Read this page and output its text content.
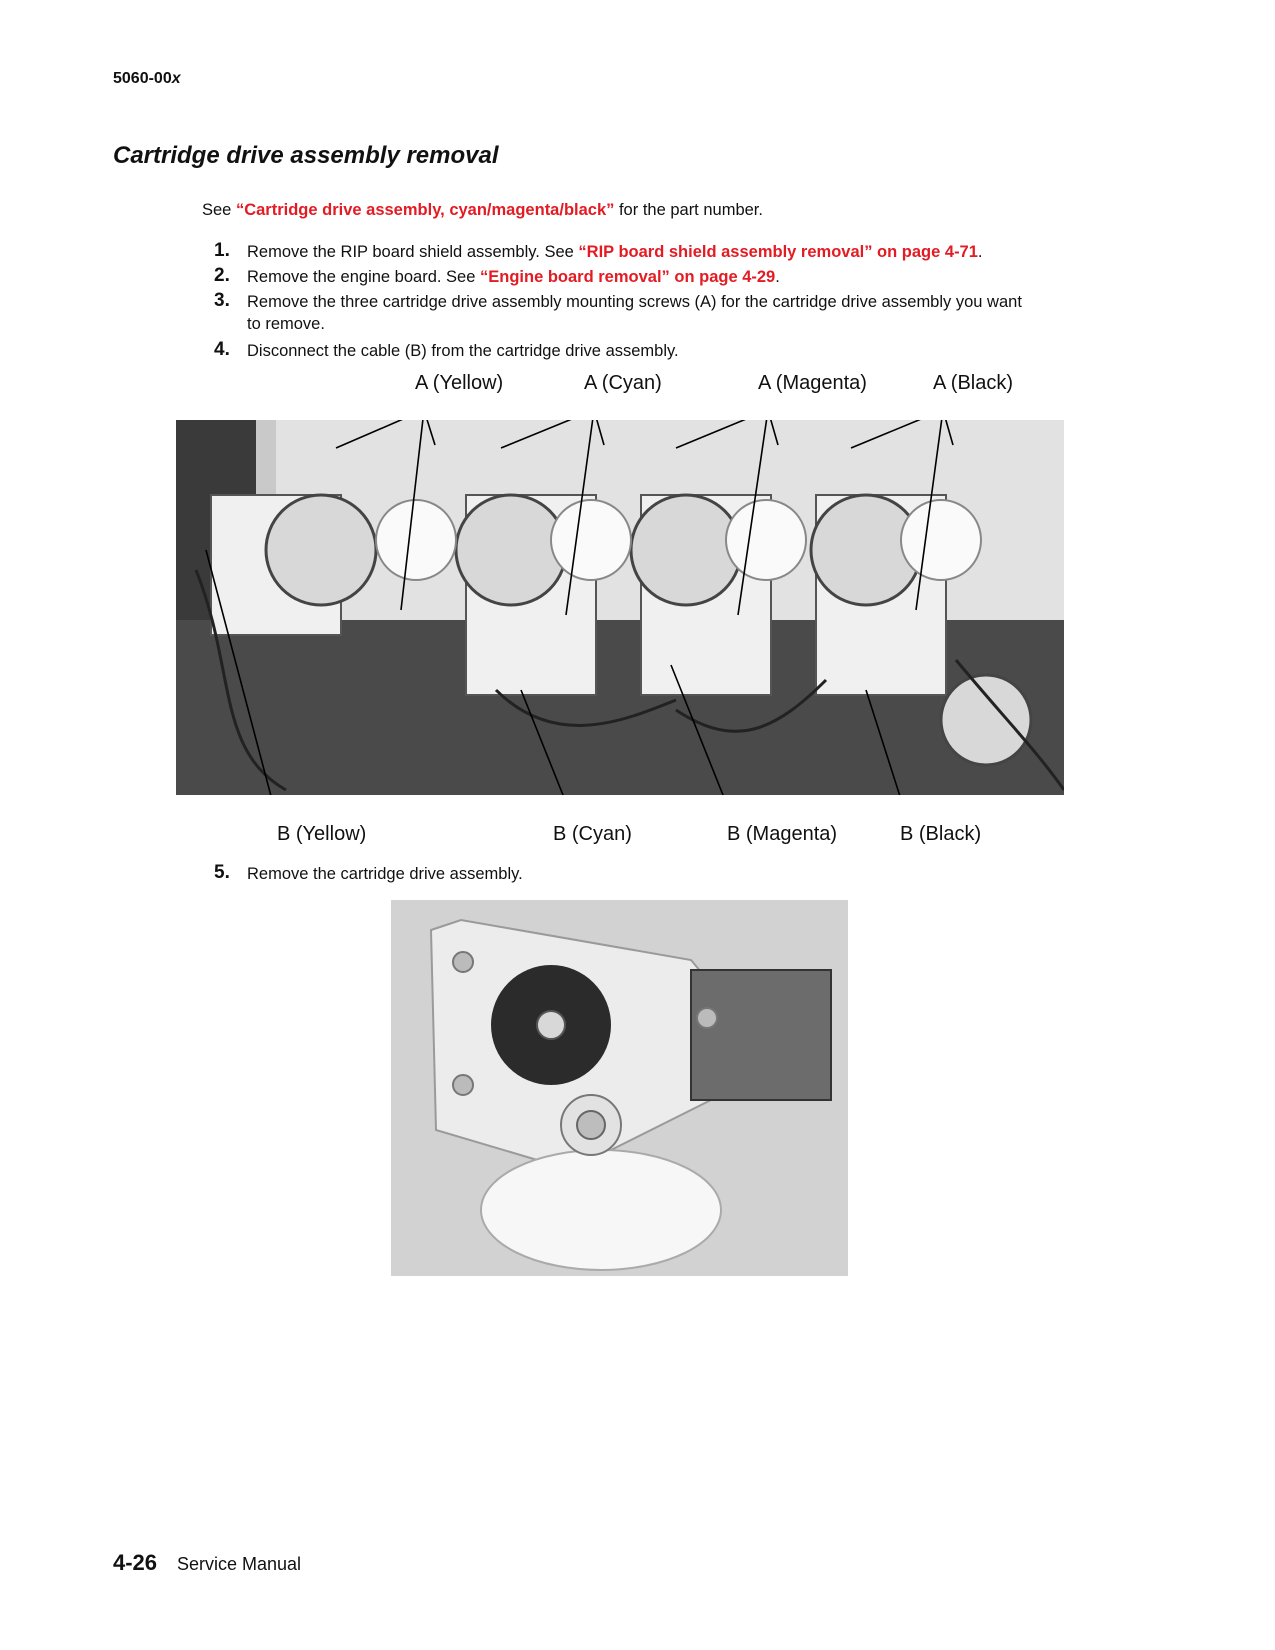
5060-00x
Cartridge drive assembly removal
See “Cartridge drive assembly, cyan/magenta/black” for the part number.
1. Remove the RIP board shield assembly. See “RIP board shield assembly removal” on page 4-71.
2. Remove the engine board. See “Engine board removal” on page 4-29.
3. Remove the three cartridge drive assembly mounting screws (A) for the cartridge drive assembly you want
to remove.
4. Disconnect the cable (B) from the cartridge drive assembly.
A (Yellow)	A (Cyan)	A (Magenta)	A (Black)
B (Yellow)	B (Cyan)	B (Magenta)	B (Black)
5. Remove the cartridge drive assembly.
4-26 Service Manual
